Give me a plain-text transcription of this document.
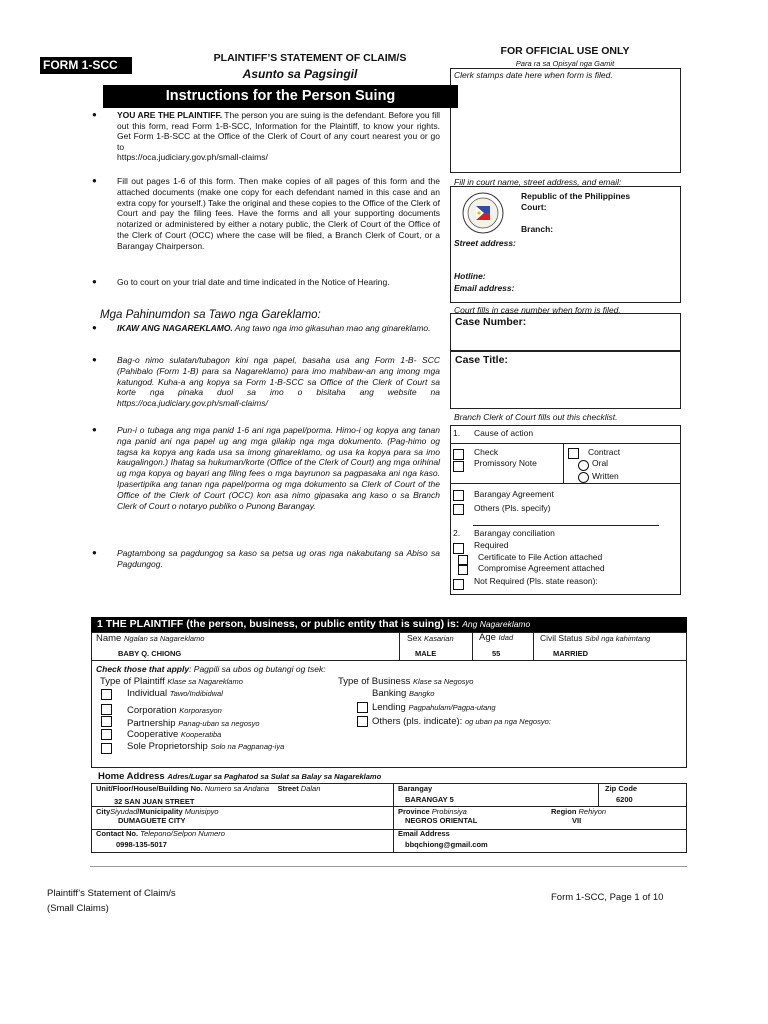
FORM 1-SCC	PLAINTIFF’S STATEMENT OF CLAIM/S
Asunto sa Pagsingil
FOR OFFICIAL USE ONLY
Para ra sa Opisyal nga Gamit
Clerk stamps date here when form is filed.
Instructions for the Person Suing
● YOU ARE THE PLAINTIFF. The person you are suing is the defendant. Before you fill out this form, read Form 1-B-SCC, Information for the Plaintiff, to know your rights. Get Form 1-B-SCC at the Office of the Clerk of Court of any court nearest you or go to
https://oca.judiciary.gov.ph/small-claims/
● Fill out pages 1-6 of this form. Then make copies of all pages of this form and the attached documents (make one copy for each defendant named in this case and an extra copy for yourself.) Take the original and these copies to the Office of the Clerk of Court and pay the filing fees. Have the forms and all your supporting documents notarized or administered by either a notary public, the Clerk of Court of the Office of the Clerk of Court (OCC) where the case will be filed, a Branch Clerk of Court, or a Barangay Chairperson.
● Go to court on your trial date and time indicated in the Notice of Hearing.
Mga Pahinumdon sa Tawo nga Gareklamo:
● IKAW ANG NAGAREKLAMO. Ang tawo nga imo gikasuhan mao ang ginareklamo.
● Bag-o nimo sulatan/tubagon kini nga papel, basaha usa ang Form 1-B- SCC (Pahibalo (Form 1-B) para sa Nagareklamo) para imo mahibaw-an ang imong mga katungod. Kuha-a ang kopya sa Form 1-B-SCC sa Office of the Clerk of Court sa korte nga pinaka duol sa imo o bisitaha ang website na https://oca.judiciary.gov.ph/small-claims/
● Pun-i o tubaga ang mga panid 1-6 ani nga papel/porma. Himo-i og kopya ang tanan nga panid ani nga papel ug ang mga gilakip nga mga dokumento. (Pag-himo og tagsa ka kopya ang kada usa sa imong ginareklamo, og usa ka kopya para sa imo kaugalingon.) Ihatag sa hukuman/korte (Office of the Clerk of Court) ang mga orihinal ug mga kopya og bayari ang filing fees o mga bayrunon sa pagpasaka ani nga kaso. Ipasertipika ang tanan nga papel/porma og mga dokumento sa Clerk of Court of the Office of the Clerk of Court (OCC) kon asa nimo gipasaka ang kaso o sa Branch Clerk of Court o notaryo publiko o Punong Barangay.
● Pagtambong sa pagdungog sa kaso sa petsa ug oras nga nakabutang sa Abiso sa Pagdungog.
Fill in court name, street address, and email:
Republic of the Philippines
Court:
Branch:
Street address:
Hotline:
Email address:
Court fills in case number when form is filed.
Case Number:
Case Title:
Branch Clerk of Court fills out this checklist.
1. Cause of action
Check
Promissory Note
Contract
Oral
Written
Barangay Agreement
Others (Pls. specify)
2. Barangay conciliation
Required
Certificate to File Action attached
Compromise Agreement attached
Not Required (Pls. state reason):
1 THE PLAINTIFF (the person, business, or public entity that is suing) is: Ang Nagareklamo
Name Ngalan sa Nagareklamo
BABY Q. CHIONG
Sex Kasarian
MALE
Age Idad
55
Civil Status Sibil nga kahimtang
MARRIED
Check those that apply: Pagpili sa ubos og butangi og tsek:
Type of Plaintiff Klase sa Nagareklamo
Individual Tawo/Indibidwal
Corporation Korporasyon
Partnership Panag-uban sa negosyo
Cooperative Kooperatiba
Sole Proprietorship Solo na Pagpanag-iya
Type of Business Klase sa Negosyo
Banking Bangko
Lending Pagpahulam/Pagpa-utang
Others (pls. indicate): og uban pa nga Negosyo:
Home Address Adres/Lugar sa Paghatod sa Sulat sa Balay sa Nagareklamo
Unit/Floor/House/Building No. Numero sa Andana Street Dalan
32 SAN JUAN STREET
Barangay
BARANGAY 5
Zip Code
6200
CitySiyudad/Municipality Munisipyo
DUMAGUETE CITY
Province Probinsiya
NEGROS ORIENTAL
Region Rehiyon
VII
Contact No. Telepono/Selpon Numero
0998-135-5017
Email Address
bbqchiong@gmail.com
Plaintiff’s Statement of Claim/s
(Small Claims)
Form 1-SCC, Page 1 of 10
